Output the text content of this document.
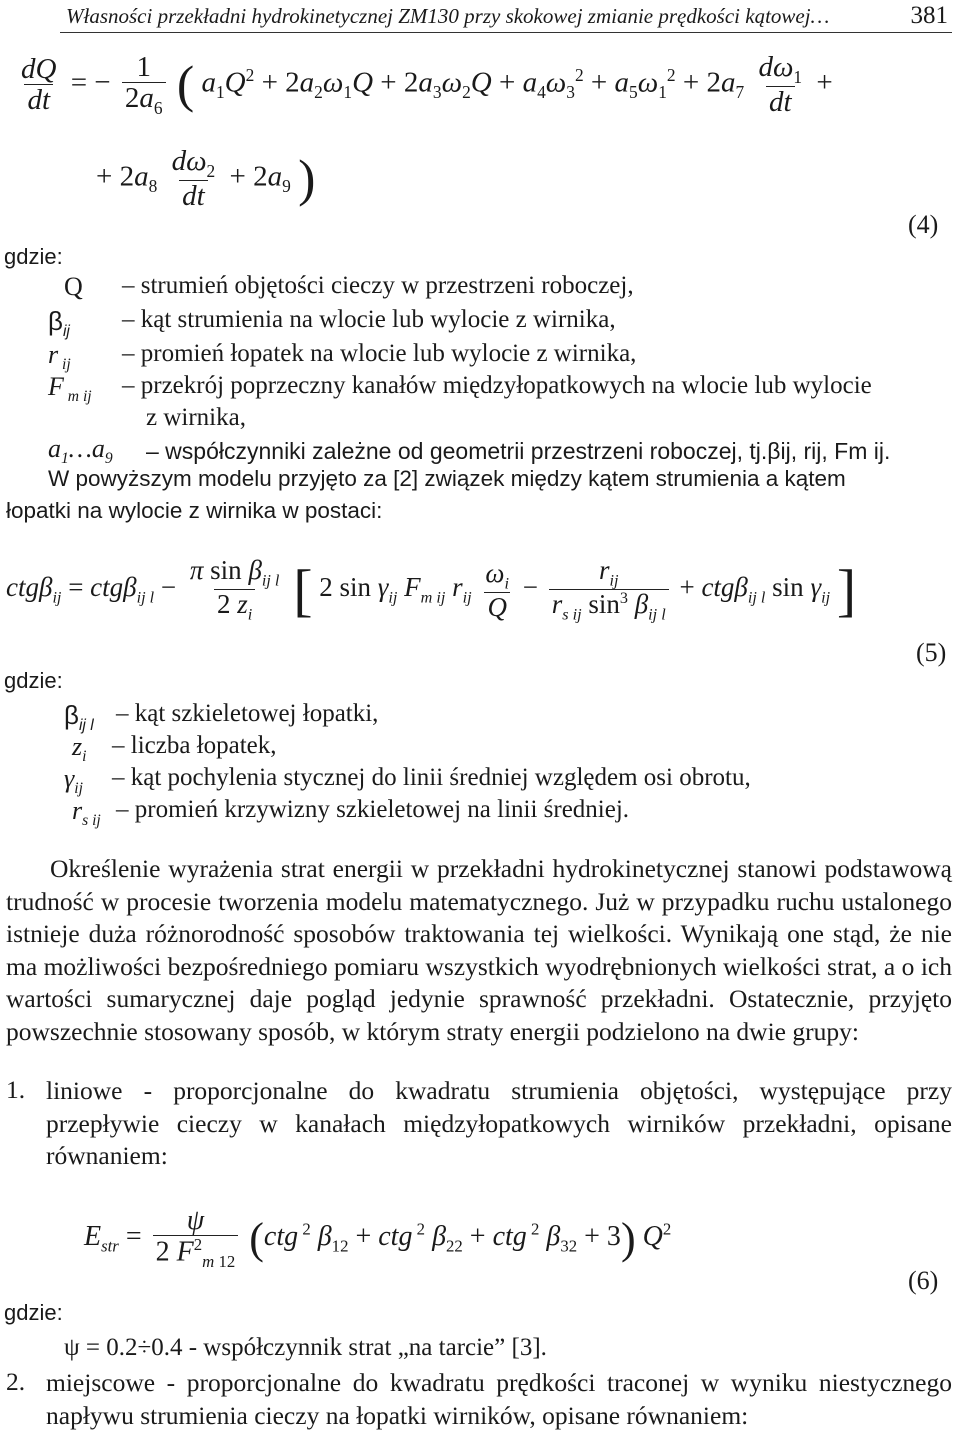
Własności przekładni hydrokinetycznej ZM130 przy skokowej zmianie prędkości kątowej…	381
$\frac{dQ}{dt}$ = − $\frac{1}{2a_6}$ ( $a_1Q^2 + 2a_2\omega_1Q + 2a_3\omega_2Q + a_4\omega_3^2 + a_5\omega_1^2 + 2a_7 \frac{d\omega_1}{dt}$ +
+ $2a_8 \frac{d\omega_2}{dt} + 2a_9$ )
(4)
gdzie:
Q – strumień objętości cieczy w przestrzeni roboczej,
$\beta_{ij}$ – kąt strumienia na wlocie lub wylocie z wirnika,
r $_{ij}$ – promień łopatek na wlocie lub wylocie z wirnika,
F $_{m ij}$ – przekrój poprzeczny kanałów międzyłopatkowych na wlocie lub wylocie
z wirnika,
$a_1\dots a_9$ – współczynniki zależne od geometrii przestrzeni roboczej, tj.βij, rij, Fm ij.
W powyższym modelu przyjęto za [2] związek między kątem strumienia a kątem
łopatki na wylocie z wirnika w postaci:
$ctg\beta_{ij} = ctg\beta_{ij l} - \frac{\pi \sin \beta_{ij l}}{2 z_i}$ [ 2 $\sin \gamma_{ij}$ $F_{m ij}$ $r_{ij} \frac{\omega_i}{Q} - \frac{r_{ij}}{r_{s ij} \sin^3 \beta_{ij l}} + ctg\beta_{ij l}$ $\sin \gamma_{ij}$ ]
(5)
gdzie:
$\beta_{ij l}$ – kąt szkieletowej łopatki,
$z_i$ – liczba łopatek,
$\gamma_{ij}$ – kąt pochylenia stycznej do linii średniej względem osi obrotu,
$r_{s ij}$ – promień krzywizny szkieletowej na linii średniej.
Określenie wyrażenia strat energii w przekładni hydrokinetycznej stanowi podstawową trudność w procesie tworzenia modelu matematycznego. Już w przypadku ruchu ustalonego istnieje duża różnorodność sposobów traktowania tej wielkości. Wynikają one stąd, że nie ma możliwości bezpośredniego pomiaru wszystkich wyodrębnionych wielkości strat, a o ich wartości sumarycznej daje pogląd jedynie sprawność przekładni. Ostatecznie, przyjęto powszechnie stosowany sposób, w którym straty energii podzielono na dwie grupy:
1. liniowe - proporcjonalne do kwadratu strumienia objętości, występujące przy przepływie cieczy w kanałach międzyłopatkowych wirników przekładni, opisane równaniem:
$E_{str} = \frac{\psi}{2 F^2_{m 12}} (ctg$ $^2$ $\beta_{12}$ + ctg $^2$ $\beta_{22}$ + ctg $^2$ $\beta_{32} + 3$) $Q^2$
(6)
gdzie:
ψ = 0.2÷0.4 - współczynnik strat „na tarcie” [3].
2. miejscowe - proporcjonalne do kwadratu prędkości traconej w wyniku niestycznego napływu strumienia cieczy na łopatki wirników, opisane równaniem:
